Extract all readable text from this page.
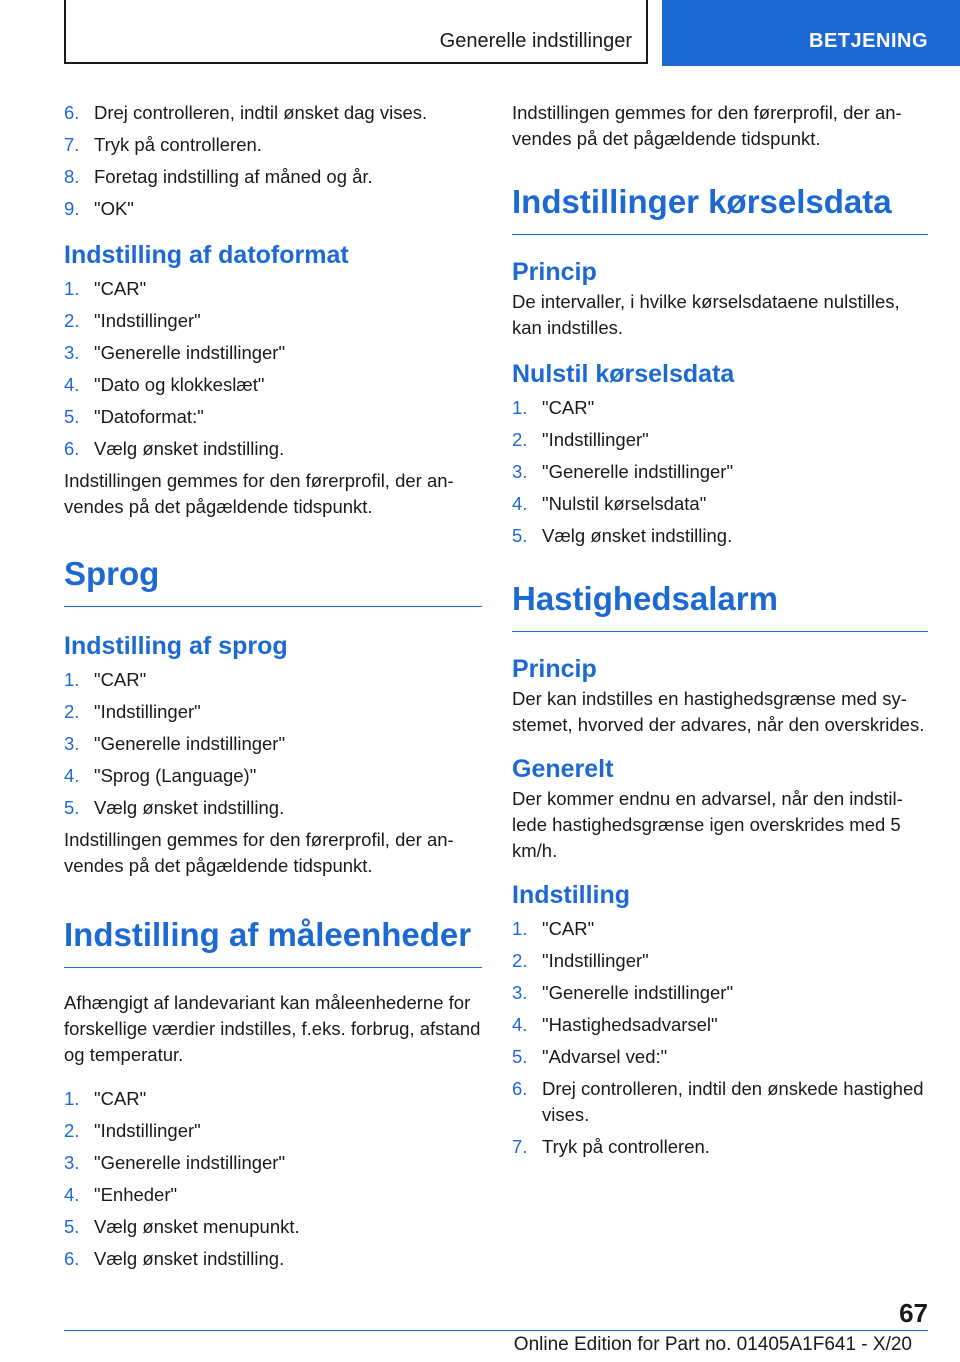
Generelle indstillinger	BETJENING
6. Drej controlleren, indtil ønsket dag vises.
7. Tryk på controlleren.
8. Foretag indstilling af måned og år.
9. "OK"
Indstilling af datoformat
1. "CAR"
2. "Indstillinger"
3. "Generelle indstillinger"
4. "Dato og klokkeslæt"
5. "Datoformat:"
6. Vælg ønsket indstilling.

Indstillingen gemmes for den førerprofil, der anvendes på det pågældende tidspunkt.

Sprog
Indstilling af sprog
1. "CAR"
2. "Indstillinger"
3. "Generelle indstillinger"
4. "Sprog (Language)"
5. Vælg ønsket indstilling.

Indstillingen gemmes for den førerprofil, der anvendes på det pågældende tidspunkt.

Indstilling af måleenheder

Afhængigt af landevariant kan måleenhederne for forskellige værdier indstilles, f.eks. forbrug, afstand og temperatur.

1. "CAR"
2. "Indstillinger"
3. "Generelle indstillinger"
4. "Enheder"
5. Vælg ønsket menupunkt.
6. Vælg ønsket indstilling.

Indstillingen gemmes for den førerprofil, der anvendes på det pågældende tidspunkt.

Indstillinger kørselsdata
Princip

De intervaller, i hvilke kørselsdataene nulstilles, kan indstilles.

Nulstil kørselsdata
1. "CAR"
2. "Indstillinger"
3. "Generelle indstillinger"
4. "Nulstil kørselsdata"
5. Vælg ønsket indstilling.
Hastighedsalarm
Princip

Der kan indstilles en hastighedsgrænse med systemet, hvorved der advares, når den overskrides.

Generelt

Der kommer endnu en advarsel, når den indstillede hastighedsgrænse igen overskrides med 5 km/h.

Indstilling
1. "CAR"
2. "Indstillinger"
3. "Generelle indstillinger"
4. "Hastighedsadvarsel"
5. "Advarsel ved:"
6. Drej controlleren, indtil den ønskede hastighed vises.
7. Tryk på controlleren.
67
Online Edition for Part no. 01405A1F641 - X/20
